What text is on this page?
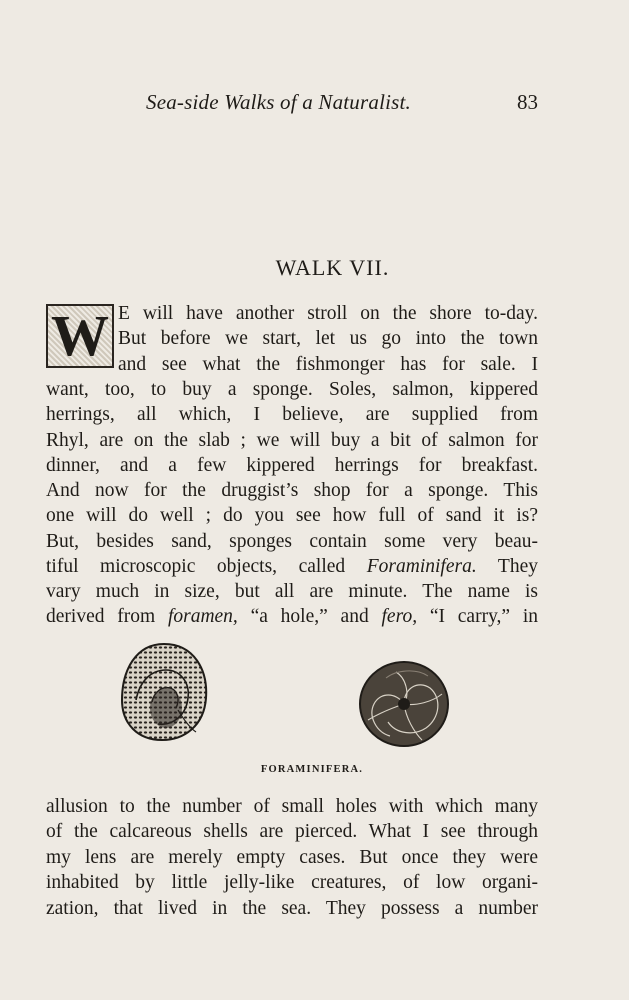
Sea-side Walks of a Naturalist.	83
WALK VII.
W E will have another stroll on the shore to-day.
But before we start, let us go into the town
and see what the fishmonger has for sale. I
want, too, to buy a sponge. Soles, salmon, kippered
herrings, all which, I believe, are supplied from
Rhyl, are on the slab ; we will buy a bit of salmon for
dinner, and a few kippered herrings for breakfast.
And now for the druggist’s shop for a sponge. This
one will do well ; do you see how full of sand it is?
But, besides sand, sponges contain some very beau-
tiful microscopic objects, called Foraminifera. They
vary much in size, but all are minute. The name is
derived from foramen, “a hole,” and fero, “I carry,” in
FORAMINIFERA.
allusion to the number of small holes with which many
of the calcareous shells are pierced. What I see through
my lens are merely empty cases. But once they were
inhabited by little jelly-like creatures, of low organi-
zation, that lived in the sea. They possess a number
